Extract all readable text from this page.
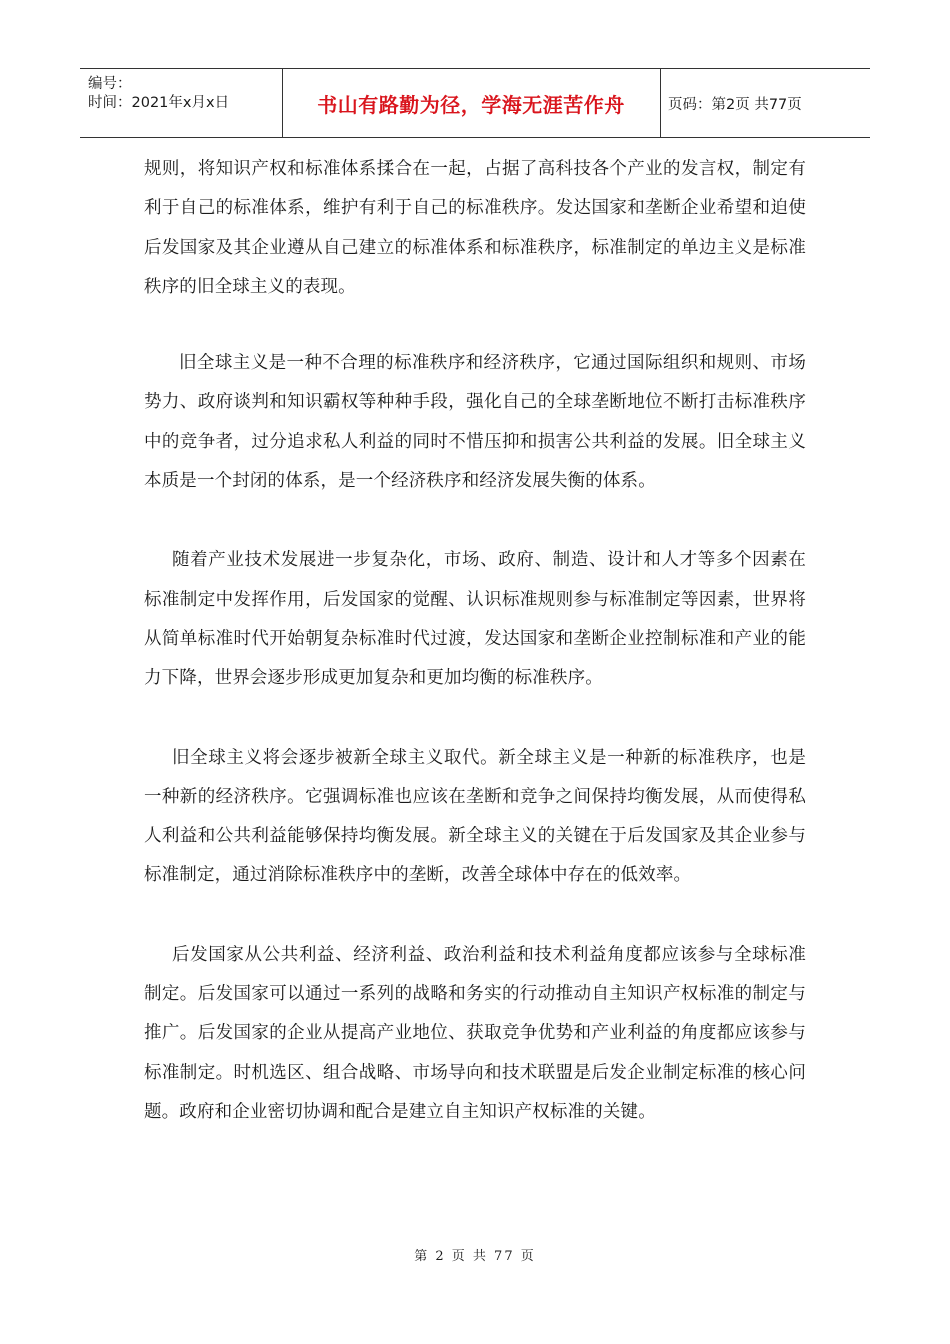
编号：
时间：2021年x月x日	书山有路勤为径，学海无涯苦作舟	页码：第2页 共77页

规则，将知识产权和标准体系揉合在一起，占据了高科技各个产业的发言权，制定有利于自己的标准体系，维护有利于自己的标准秩序。发达国家和垄断企业希望和迫使后发国家及其企业遵从自己建立的标准体系和标准秩序，标准制定的单边主义是标准秩序的旧全球主义的表现。

旧全球主义是一种不合理的标准秩序和经济秩序，它通过国际组织和规则、市场势力、政府谈判和知识霸权等种种手段，强化自己的全球垄断地位不断打击标准秩序中的竞争者，过分追求私人利益的同时不惜压抑和损害公共利益的发展。旧全球主义本质是一个封闭的体系，是一个经济秩序和经济发展失衡的体系。

随着产业技术发展进一步复杂化，市场、政府、制造、设计和人才等多个因素在标准制定中发挥作用，后发国家的觉醒、认识标准规则参与标准制定等因素，世界将从简单标准时代开始朝复杂标准时代过渡，发达国家和垄断企业控制标准和产业的能力下降，世界会逐步形成更加复杂和更加均衡的标准秩序。

旧全球主义将会逐步被新全球主义取代。新全球主义是一种新的标准秩序，也是一种新的经济秩序。它强调标准也应该在垄断和竞争之间保持均衡发展，从而使得私人利益和公共利益能够保持均衡发展。新全球主义的关键在于后发国家及其企业参与标准制定，通过消除标准秩序中的垄断，改善全球体中存在的低效率。

后发国家从公共利益、经济利益、政治利益和技术利益角度都应该参与全球标准制定。后发国家可以通过一系列的战略和务实的行动推动自主知识产权标准的制定与推广。后发国家的企业从提高产业地位、获取竞争优势和产业利益的角度都应该参与标准制定。时机选区、组合战略、市场导向和技术联盟是后发企业制定标准的核心问题。政府和企业密切协调和配合是建立自主知识产权标准的关键。

第 2 页 共 77 页
